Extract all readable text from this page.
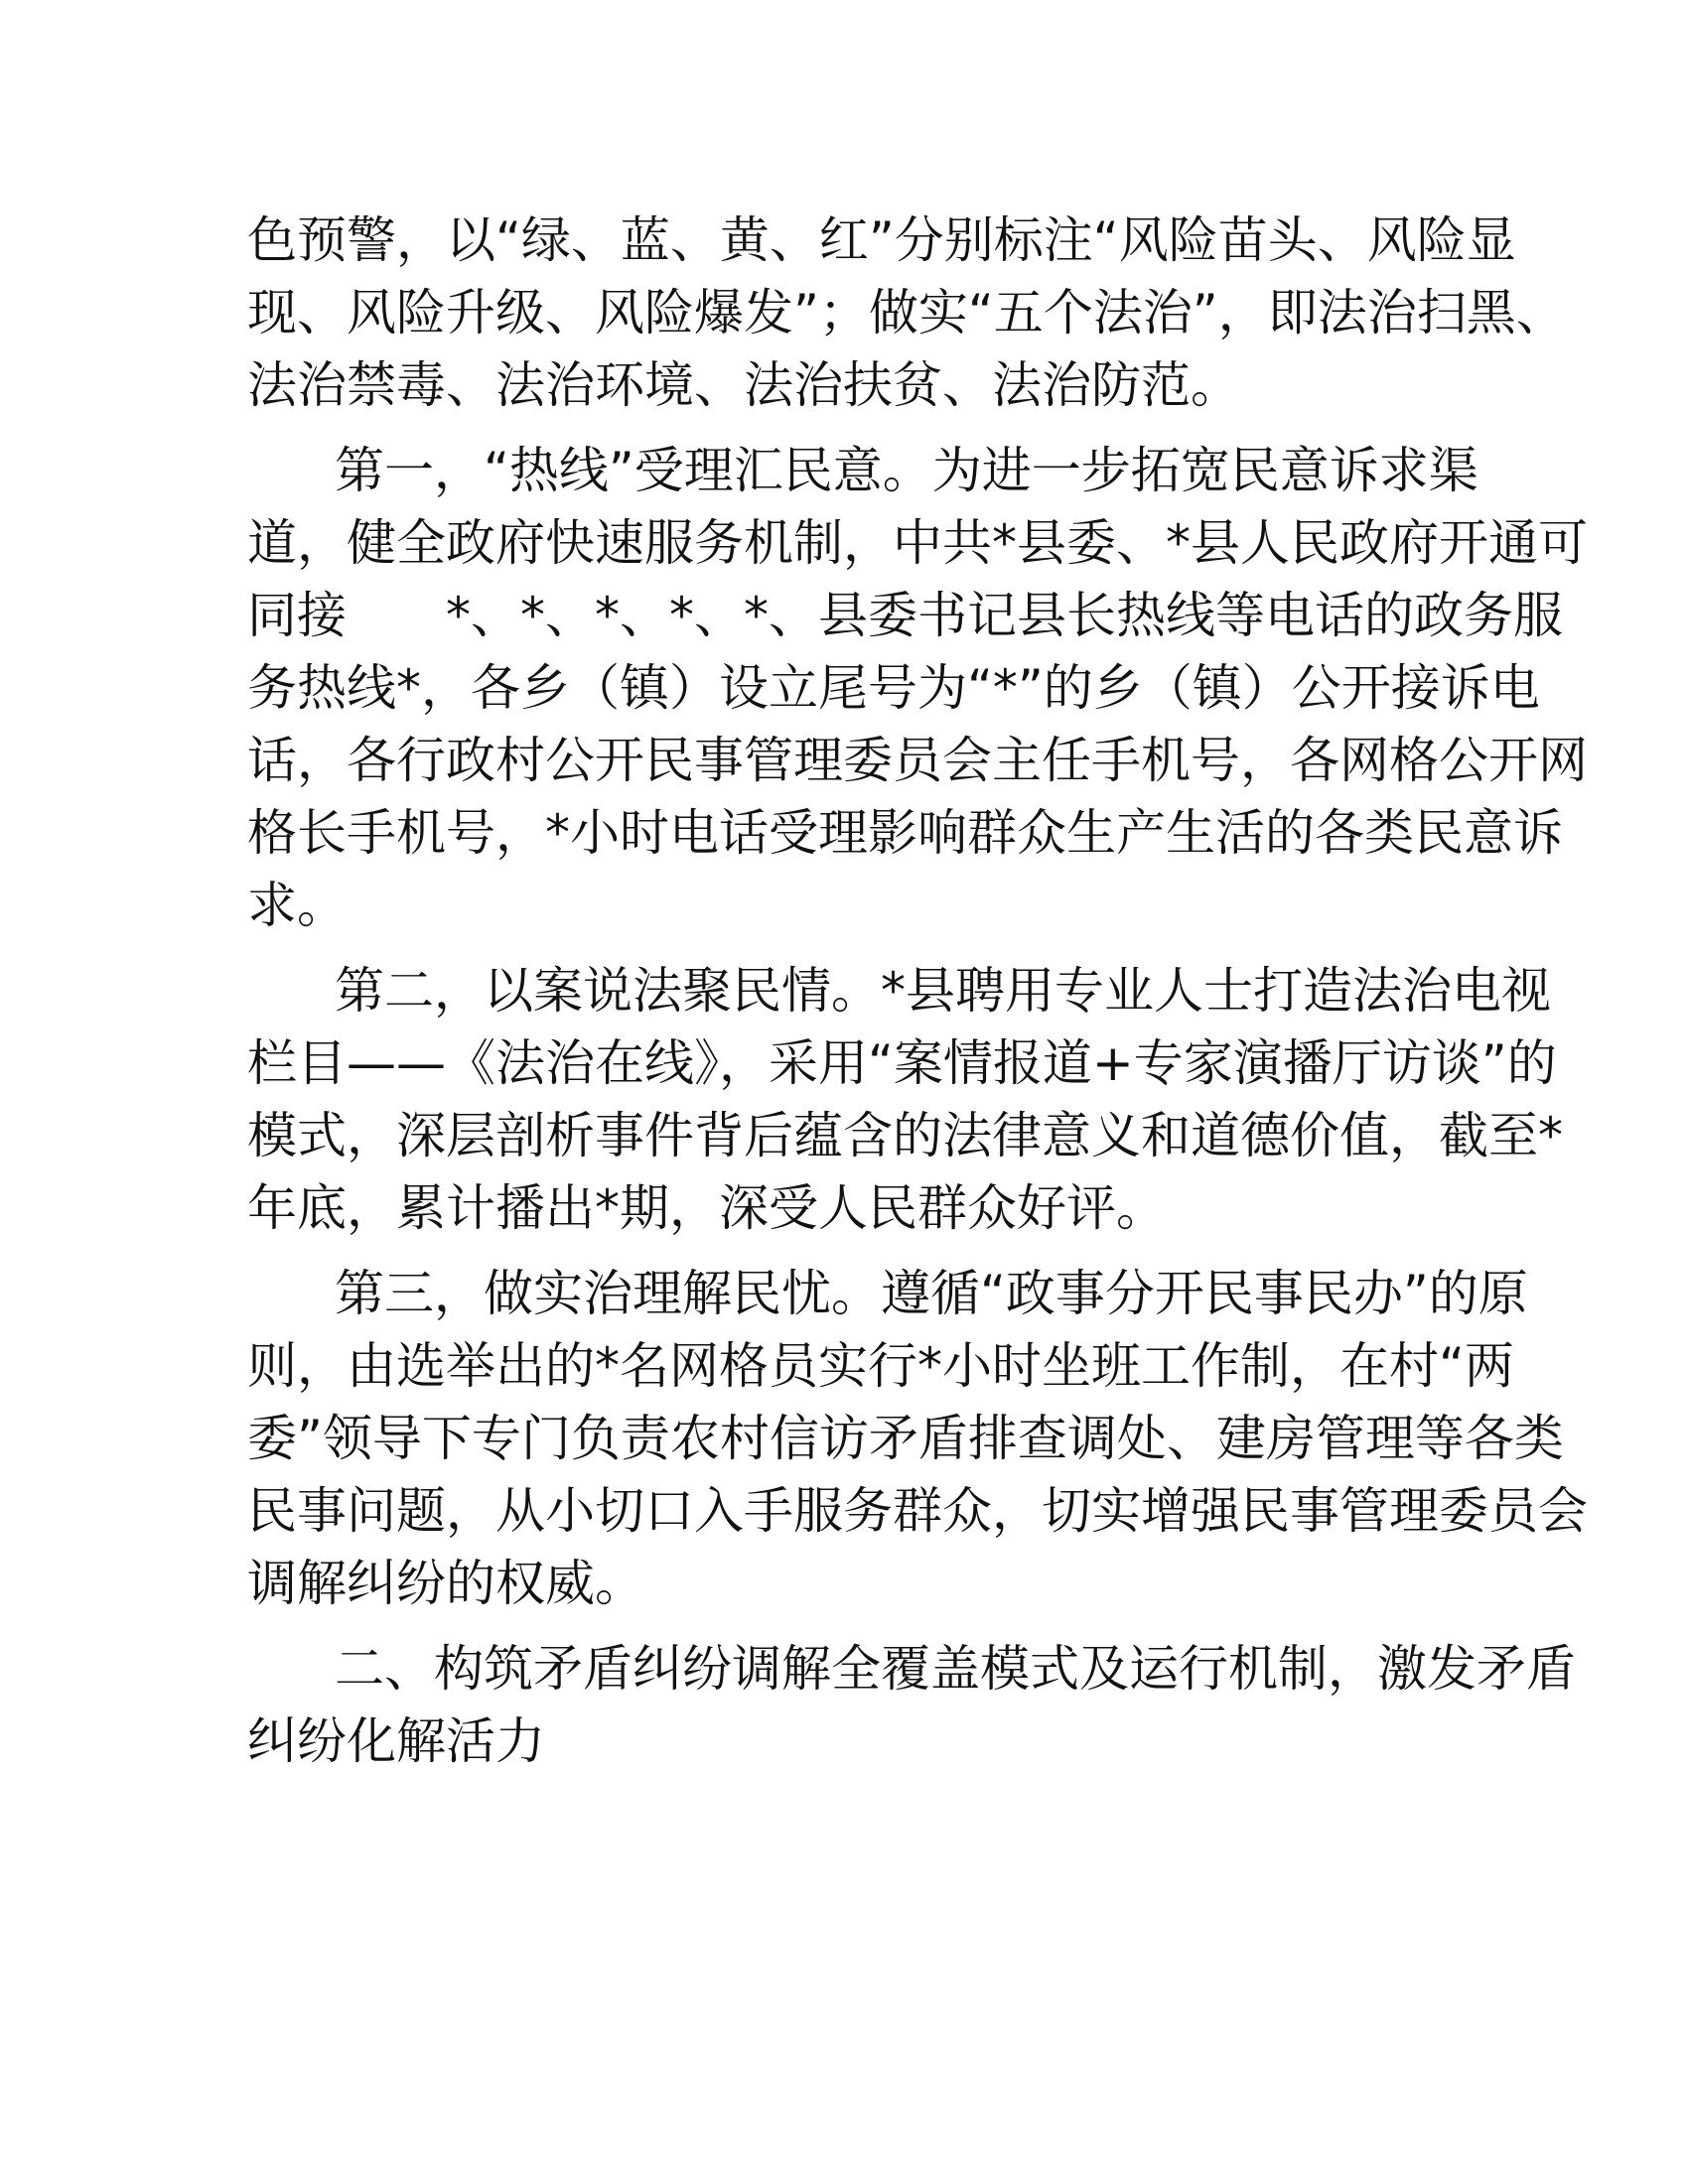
色预警，以“绿、蓝、黄、红”分别标注“风险苗头、风险显
现、风险升级、风险爆发”；做实“五个法治”，即法治扫黑、
法治禁毒、法治环境、法治扶贫、法治防范。
第一，“热线”受理汇民意。为进一步拓宽民意诉求渠
道，健全政府快速服务机制，中共*县委、*县人民政府开通可
同接　　*、*、*、*、*、县委书记县长热线等电话的政务服
务热线*，各乡（镇）设立尾号为“*”的乡（镇）公开接诉电
话，各行政村公开民事管理委员会主任手机号，各网格公开网
格长手机号，*小时电话受理影响群众生产生活的各类民意诉
求。
第二，以案说法聚民情。*县聘用专业人士打造法治电视
栏目——《法治在线》，采用“案情报道+专家演播厅访谈”的
模式，深层剖析事件背后蕴含的法律意义和道德价值，截至*
年底，累计播出*期，深受人民群众好评。
第三，做实治理解民忧。遵循“政事分开民事民办”的原
则，由选举出的*名网格员实行*小时坐班工作制，在村“两
委”领导下专门负责农村信访矛盾排查调处、建房管理等各类
民事问题，从小切口入手服务群众，切实增强民事管理委员会
调解纠纷的权威。
二、构筑矛盾纠纷调解全覆盖模式及运行机制，激发矛盾
纠纷化解活力
